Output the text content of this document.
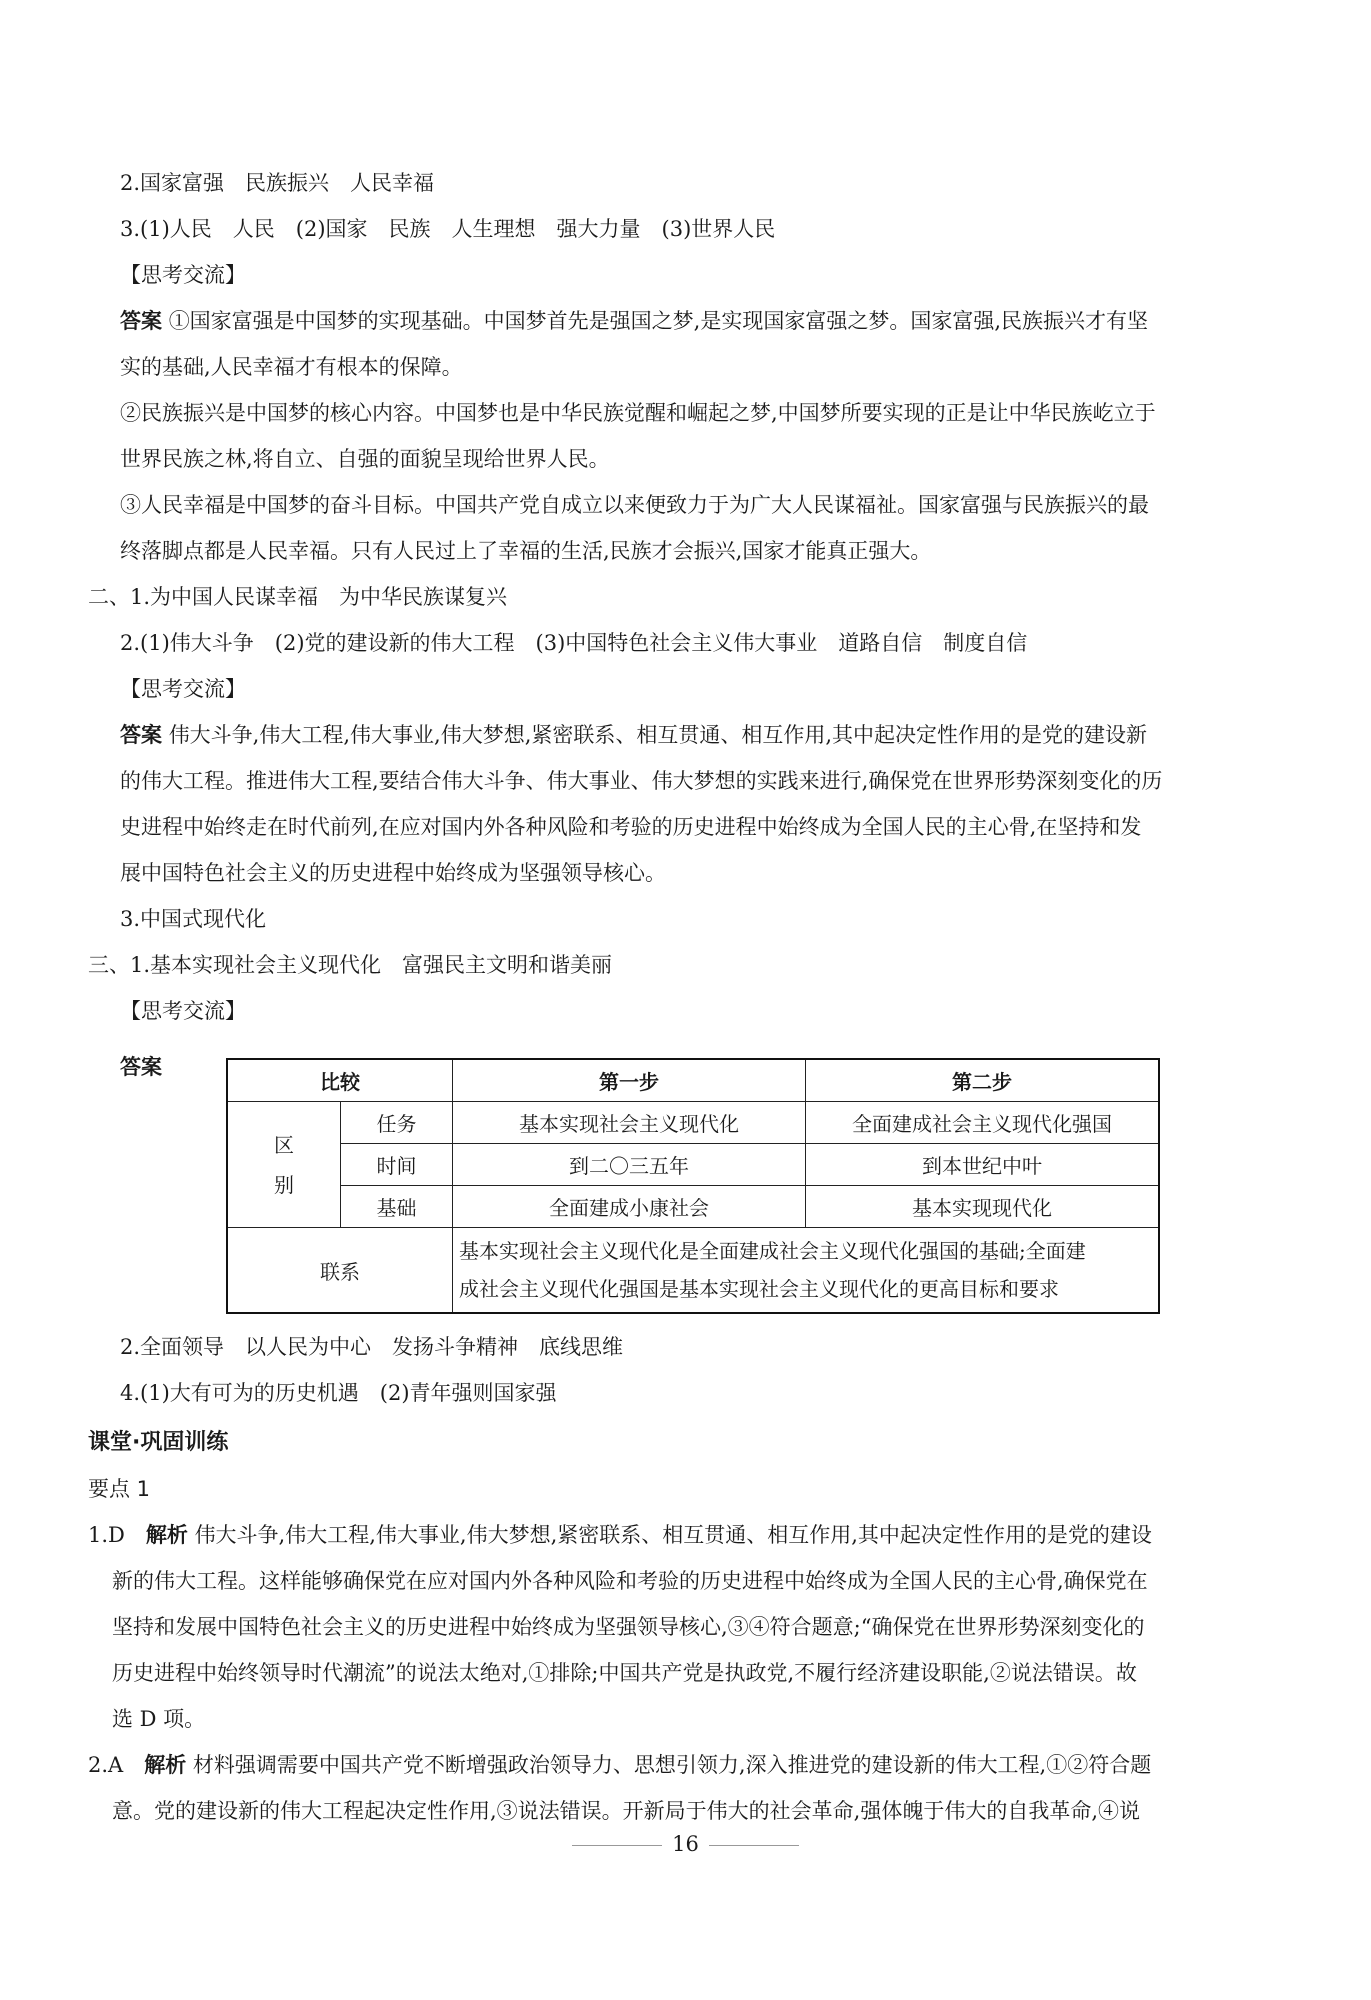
2.国家富强　民族振兴　人民幸福
3.(1)人民　人民　(2)国家　民族　人生理想　强大力量　(3)世界人民
【思考交流】
答案 ①国家富强是中国梦的实现基础。中国梦首先是强国之梦,是实现国家富强之梦。国家富强,民族振兴才有坚
实的基础,人民幸福才有根本的保障。
②民族振兴是中国梦的核心内容。中国梦也是中华民族觉醒和崛起之梦,中国梦所要实现的正是让中华民族屹立于
世界民族之林,将自立、自强的面貌呈现给世界人民。
③人民幸福是中国梦的奋斗目标。中国共产党自成立以来便致力于为广大人民谋福祉。国家富强与民族振兴的最
终落脚点都是人民幸福。只有人民过上了幸福的生活,民族才会振兴,国家才能真正强大。
二、1.为中国人民谋幸福　为中华民族谋复兴
2.(1)伟大斗争　(2)党的建设新的伟大工程　(3)中国特色社会主义伟大事业　道路自信　制度自信
【思考交流】
答案 伟大斗争,伟大工程,伟大事业,伟大梦想,紧密联系、相互贯通、相互作用,其中起决定性作用的是党的建设新
的伟大工程。推进伟大工程,要结合伟大斗争、伟大事业、伟大梦想的实践来进行,确保党在世界形势深刻变化的历
史进程中始终走在时代前列,在应对国内外各种风险和考验的历史进程中始终成为全国人民的主心骨,在坚持和发
展中国特色社会主义的历史进程中始终成为坚强领导核心。
3.中国式现代化
三、1.基本实现社会主义现代化　富强民主文明和谐美丽
【思考交流】
答案
比较		第一步	第二步
区
别	任务	基本实现社会主义现代化	全面建成社会主义现代化强国
	时间	到二〇三五年	到本世纪中叶
	基础	全面建成小康社会	基本实现现代化
联系		基本实现社会主义现代化是全面建成社会主义现代化强国的基础;全面建
成社会主义现代化强国是基本实现社会主义现代化的更高目标和要求	
2.全面领导　以人民为中心　发扬斗争精神　底线思维
4.(1)大有可为的历史机遇　(2)青年强则国家强
课堂·巩固训练
要点 1
1.D　 解析 伟大斗争,伟大工程,伟大事业,伟大梦想,紧密联系、相互贯通、相互作用,其中起决定性作用的是党的建设
新的伟大工程。这样能够确保党在应对国内外各种风险和考验的历史进程中始终成为全国人民的主心骨,确保党在
坚持和发展中国特色社会主义的历史进程中始终成为坚强领导核心,③④符合题意;“确保党在世界形势深刻变化的
历史进程中始终领导时代潮流”的说法太绝对,①排除;中国共产党是执政党,不履行经济建设职能,②说法错误。故
选 D 项。
2.A　 解析 材料强调需要中国共产党不断增强政治领导力、思想引领力,深入推进党的建设新的伟大工程,①②符合题
意。党的建设新的伟大工程起决定性作用,③说法错误。开新局于伟大的社会革命,强体魄于伟大的自我革命,④说
16
